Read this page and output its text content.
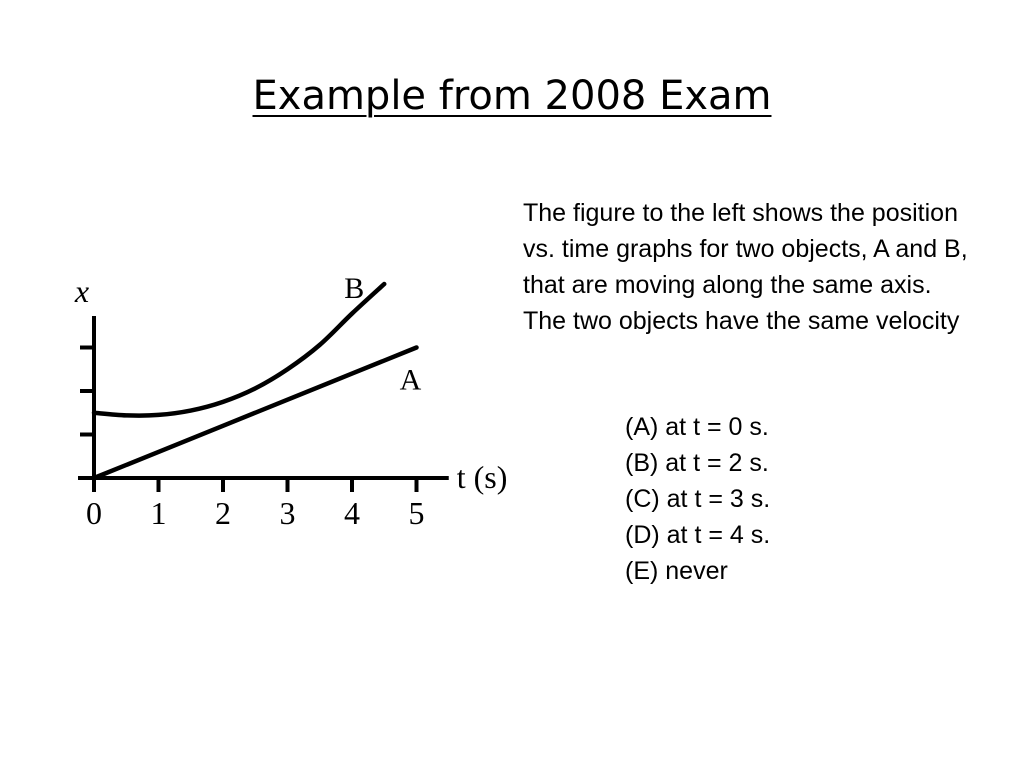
Example from 2008 Exam
0 1 2 3 4 5
x
t (s)
A
B

The figure to the left shows the position vs. time graphs for two objects, A and B, that are moving along the same axis. The two objects have the same velocity

(A) at t = 0 s.
(B) at t = 2 s.
(C) at t = 3 s.
(D) at t = 4 s.
(E) never
